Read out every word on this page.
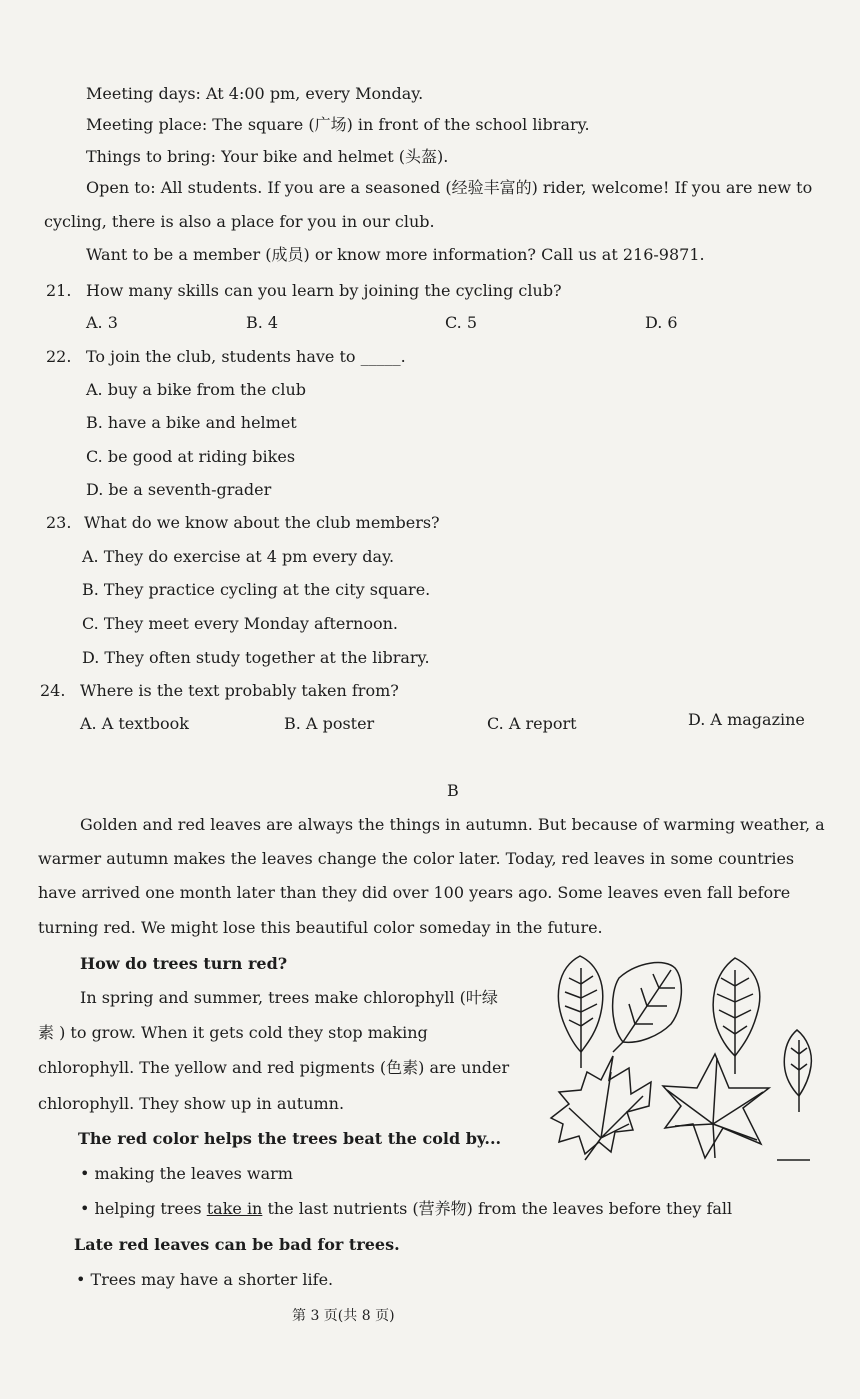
Meeting days: At 4:00 pm, every Monday.
Meeting place: The square (广场) in front of the school library.
Things to bring: Your bike and helmet (头盔).
Open to: All students. If you are a seasoned (经验丰富的) rider, welcome! If you are new to
cycling, there is also a place for you in our club.
Want to be a member (成员) or know more information? Call us at 216-9871.
21. How many skills can you learn by joining the cycling club?
A. 3	B. 4	C. 5	D. 6
22. To join the club, students have to _____.
A. buy a bike from the club
B. have a bike and helmet
C. be good at riding bikes
D. be a seventh-grader
23. What do we know about the club members?
A. They do exercise at 4 pm every day.
B. They practice cycling at the city square.
C. They meet every Monday afternoon.
D. They often study together at the library.
24. Where is the text probably taken from?
A. A textbook	B. A poster	C. A report	D. A magazine
B
Golden and red leaves are always the things in autumn. But because of warming weather, a
warmer autumn makes the leaves change the color later. Today, red leaves in some countries
have arrived one month later than they did over 100 years ago. Some leaves even fall before
turning red. We might lose this beautiful color someday in the future.
How do trees turn red?
In spring and summer, trees make chlorophyll (叶绿
素 ) to grow. When it gets cold they stop making
chlorophyll. The yellow and red pigments (色素) are under
chlorophyll. They show up in autumn.
The red color helps the trees beat the cold by...
• making the leaves warm
• helping trees take in the last nutrients (营养物) from the leaves before they fall
Late red leaves can be bad for trees.
• Trees may have a shorter life.
第 3 页(共 8 页)
